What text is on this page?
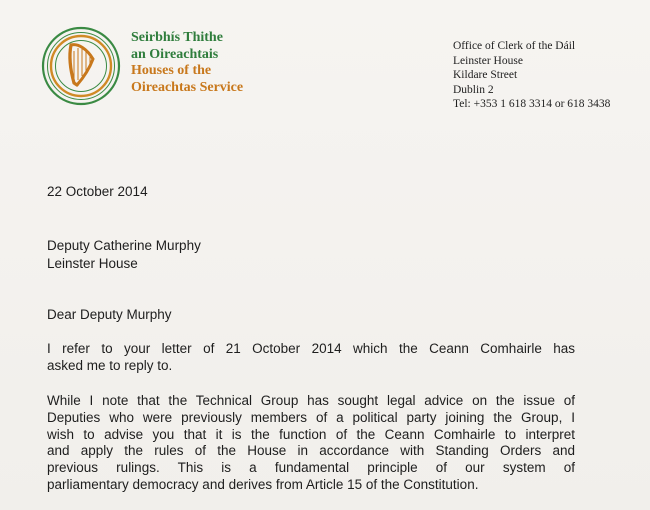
Seirbhís Thithe
an Oireachtais
Houses of the
Oireachtas Service
Office of Clerk of the Dáil
Leinster House
Kildare Street
Dublin 2
Tel: +353 1 618 3314 or 618 3438
22 October 2014
Deputy Catherine Murphy
Leinster House
Dear Deputy Murphy
I refer to your letter of 21 October 2014 which the Ceann Comhairle has
asked me to reply to.
While I note that the Technical Group has sought legal advice on the issue of
Deputies who were previously members of a political party joining the Group, I
wish to advise you that it is the function of the Ceann Comhairle to interpret
and apply the rules of the House in accordance with Standing Orders and
previous rulings. This is a fundamental principle of our system of
parliamentary democracy and derives from Article 15 of the Constitution.
